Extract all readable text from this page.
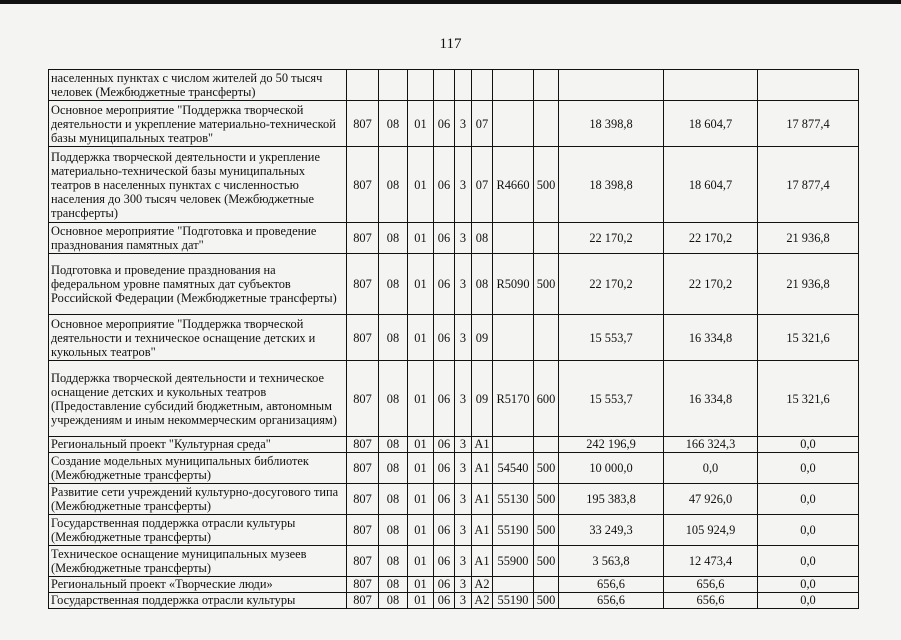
117
населенных пунктах с числом жителей до 50 тысяч человек (Межбюджетные трансферты)											
Основное мероприятие "Поддержка творческой деятельности и укрепление материально-технической базы муниципальных театров"	807	08	01	06	3	07			18 398,8	18 604,7	17 877,4
Поддержка творческой деятельности и укрепление материально-технической базы муниципальных театров в населенных пунктах с численностью населения до 300 тысяч человек (Межбюджетные трансферты)	807	08	01	06	3	07	R4660	500	18 398,8	18 604,7	17 877,4
Основное мероприятие "Подготовка и проведение празднования памятных дат"	807	08	01	06	3	08			22 170,2	22 170,2	21 936,8
Подготовка и проведение празднования на федеральном уровне памятных дат субъектов Российской Федерации (Межбюджетные трансферты)	807	08	01	06	3	08	R5090	500	22 170,2	22 170,2	21 936,8
Основное мероприятие "Поддержка творческой деятельности и техническое оснащение детских и кукольных театров"	807	08	01	06	3	09			15 553,7	16 334,8	15 321,6
Поддержка творческой деятельности и техническое оснащение детских и кукольных театров (Предоставление субсидий бюджетным, автономным учреждениям и иным некоммерческим организациям)	807	08	01	06	3	09	R5170	600	15 553,7	16 334,8	15 321,6
Региональный проект "Культурная среда"	807	08	01	06	3	А1			242 196,9	166 324,3	0,0
Создание модельных муниципальных библиотек (Межбюджетные трансферты)	807	08	01	06	3	А1	54540	500	10 000,0	0,0	0,0
Развитие сети учреждений культурно-досугового типа (Межбюджетные трансферты)	807	08	01	06	3	А1	55130	500	195 383,8	47 926,0	0,0
Государственная поддержка отрасли культуры (Межбюджетные трансферты)	807	08	01	06	3	А1	55190	500	33 249,3	105 924,9	0,0
Техническое оснащение муниципальных музеев (Межбюджетные трансферты)	807	08	01	06	3	А1	55900	500	3 563,8	12 473,4	0,0
Региональный проект «Творческие люди»	807	08	01	06	3	А2			656,6	656,6	0,0
Государственная поддержка отрасли культуры	807	08	01	06	3	А2	55190	500	656,6	656,6	0,0
